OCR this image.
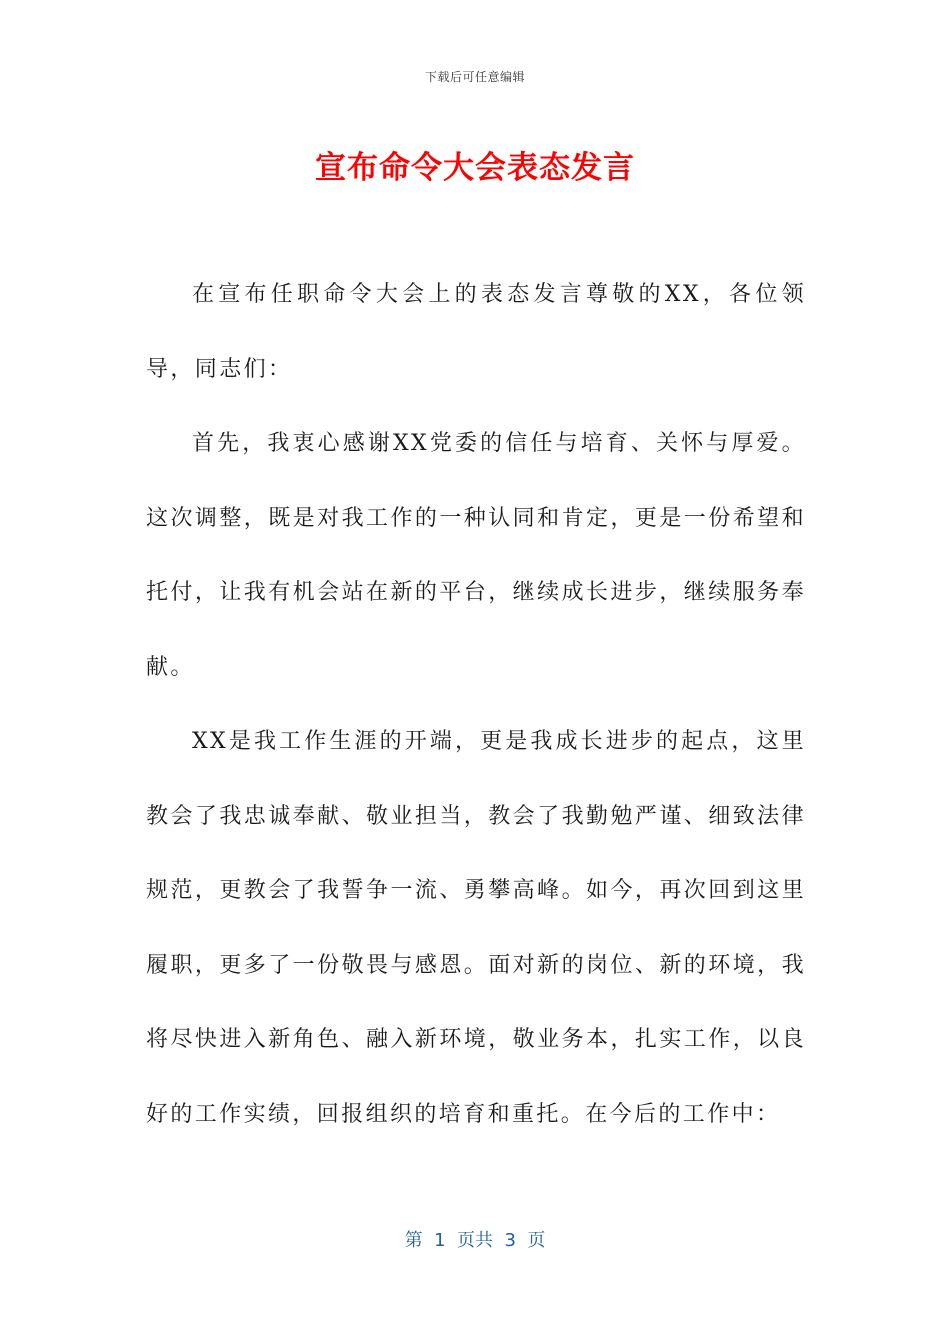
下载后可任意编辑
宣布命令大会表态发言

在宣布任职命令大会上的表态发言尊敬的XX，各位领导，同志们：

首先，我衷心感谢XX党委的信任与培育、关怀与厚爱。这次调整，既是对我工作的一种认同和肯定，更是一份希望和托付，让我有机会站在新的平台，继续成长进步，继续服务奉献。

XX是我工作生涯的开端，更是我成长进步的起点，这里教会了我忠诚奉献、敬业担当，教会了我勤勉严谨、细致法律规范，更教会了我誓争一流、勇攀高峰。如今，再次回到这里履职，更多了一份敬畏与感恩。面对新的岗位、新的环境，我将尽快进入新角色、融入新环境，敬业务本，扎实工作，以良好的工作实绩，回报组织的培育和重托。在今后的工作中：

第  1  页共  3  页
